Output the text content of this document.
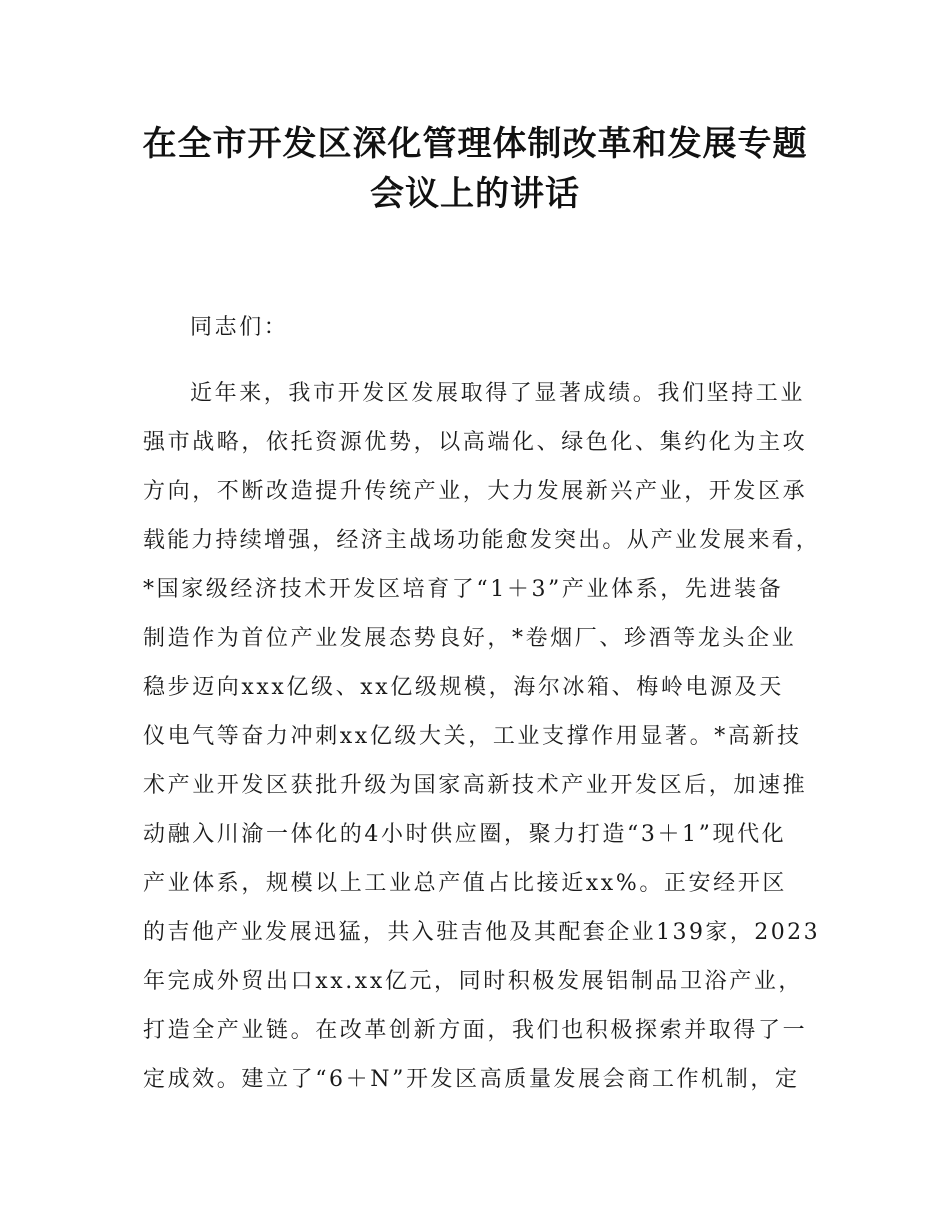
在全市开发区深化管理体制改革和发展专题
会议上的讲话
同志们：
近年来，我市开发区发展取得了显著成绩。我们坚持工业
强市战略，依托资源优势，以高端化、绿色化、集约化为主攻
方向，不断改造提升传统产业，大力发展新兴产业，开发区承
载能力持续增强，经济主战场功能愈发突出。从产业发展来看，
*国家级经济技术开发区培育了“1＋3”产业体系，先进装备
制造作为首位产业发展态势良好，*卷烟厂、珍酒等龙头企业
稳步迈向xxx亿级、xx亿级规模，海尔冰箱、梅岭电源及天
仪电气等奋力冲刺xx亿级大关，工业支撑作用显著。*高新技
术产业开发区获批升级为国家高新技术产业开发区后，加速推
动融入川渝一体化的4小时供应圈，聚力打造“3＋1”现代化
产业体系，规模以上工业总产值占比接近xx%。正安经开区
的吉他产业发展迅猛，共入驻吉他及其配套企业139家，2023
年完成外贸出口xx.xx亿元，同时积极发展铝制品卫浴产业，
打造全产业链。在改革创新方面，我们也积极探索并取得了一
定成效。建立了“6＋N”开发区高质量发展会商工作机制，定
